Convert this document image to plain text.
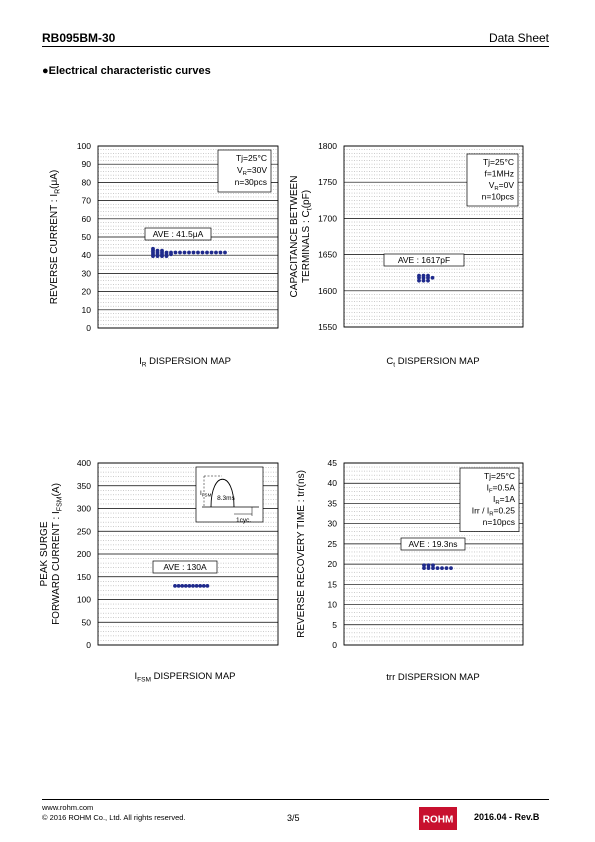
RB095BM-30	Data Sheet
●Electrical characteristic curves
0
10
20
30
40
50
60
70
80
90
100
REVERSE CURRENT : $I_R(\mu A)$
$I_R$ DISPERSION MAP
Tj=25°C
$V_R=30V$
n=30pcs
AVE : 41.5μA
1550
1600
1650
1700
1750
1800
CAPACITANCE BETWEEN TERMINALS : $C_t(pF)$
$C_t$ DISPERSION MAP
Tj=25°C
f=1MHz
$V_R=0V$
n=10pcs
AVE : 1617pF
0
50
100
150
200
250
300
350
400
PEAK SURGE FORWARD CURRENT : $I_{FSM}(A)$
$I_{FSM}$ DISPERSION MAP
$I_{FSM}$ 8.3ms
1cyc.
AVE : 130A
0
5
10
15
20
25
30
35
40
45
REVERSE RECOVERY TIME : trr(ns)
trr DISPERSION MAP
Tj=25°C
$I_F=0.5A$
$I_R=1A$
Irr / $I_R=0.25$
n=10pcs
AVE : 19.3ns
www.rohm.com
© 2016 ROHM Co., Ltd. All rights reserved.	3/5	ROHM 2016.04 - Rev.B
